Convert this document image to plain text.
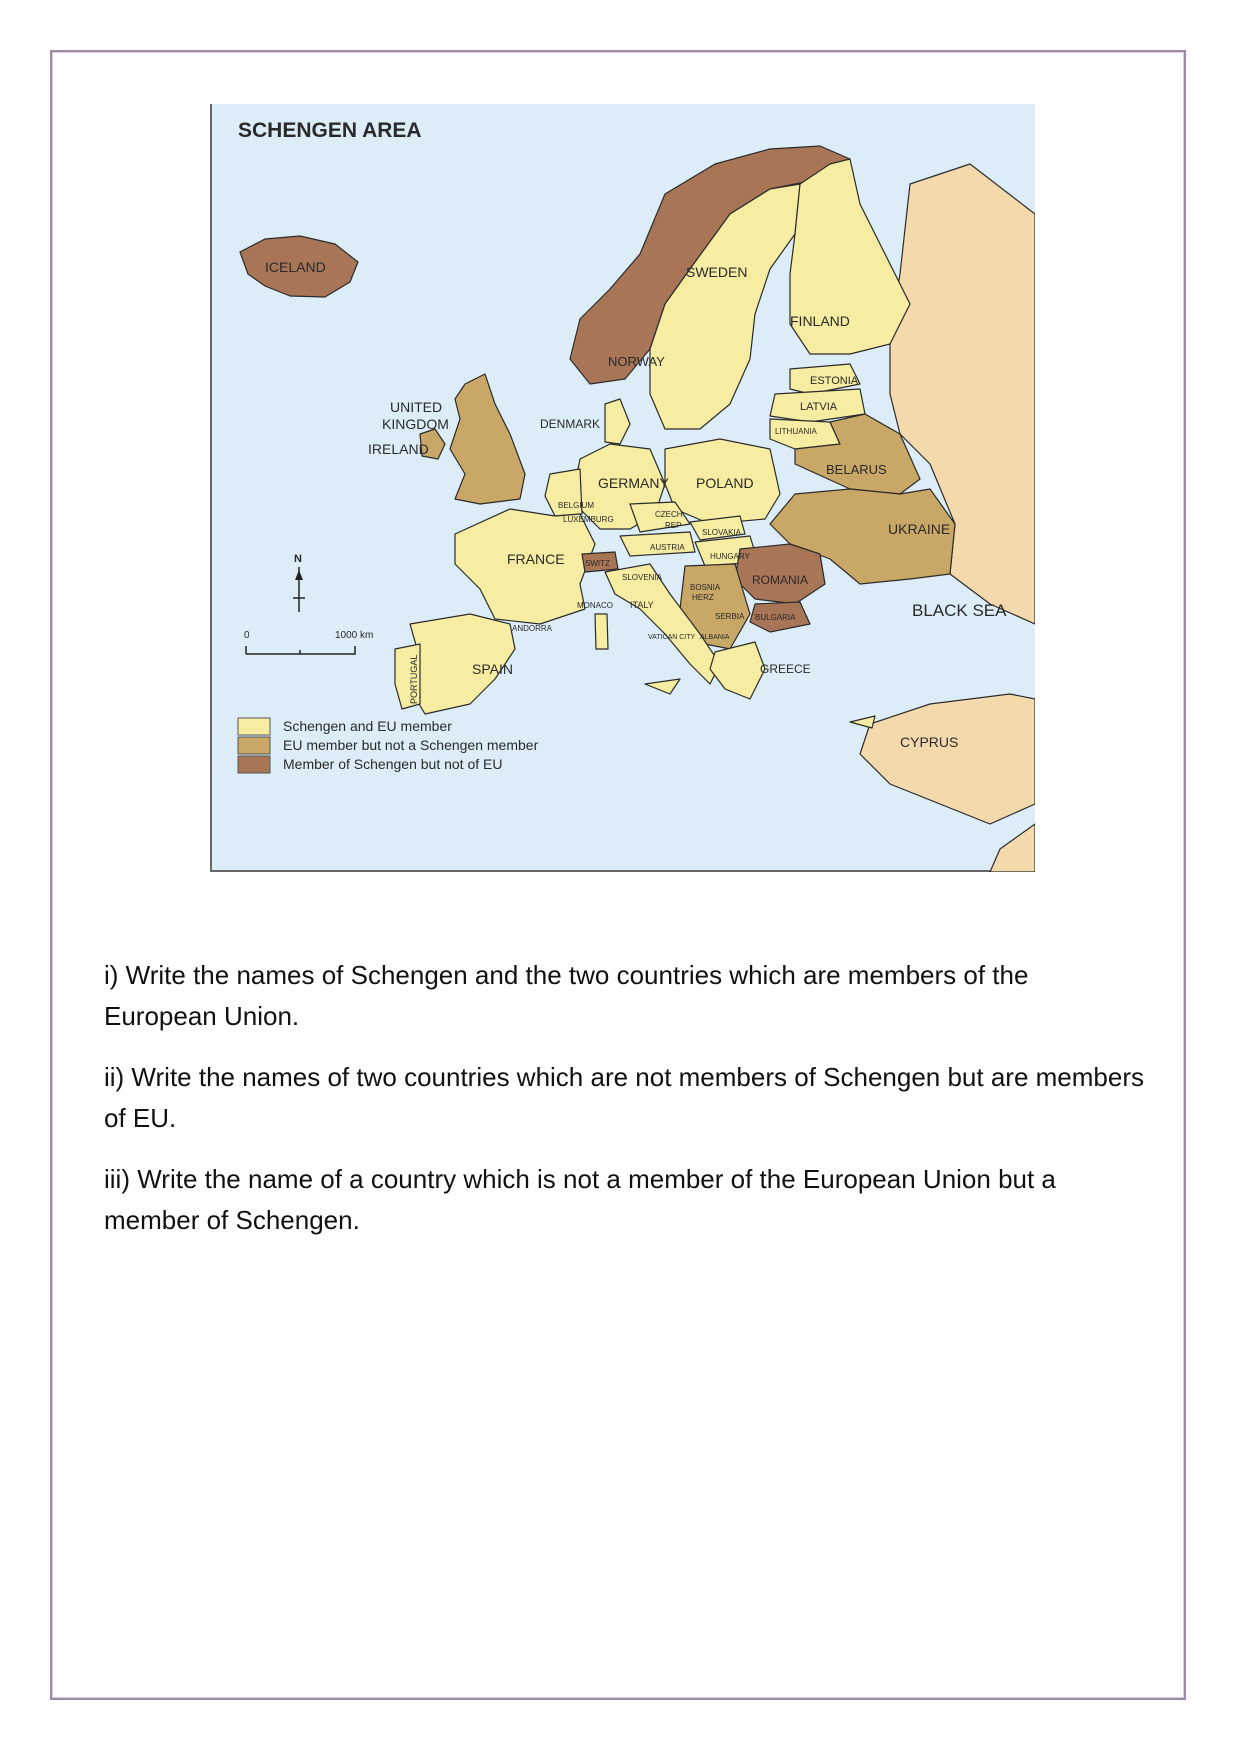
SCHENGEN AREA
ICELAND
NORWAY
SWEDEN
FINLAND
ESTONIA
LATVIA
LITHUANIA
UNITED
KINGDOM
IRELAND
DENMARK
GERMANY POLAND
BELARUS
BELGIUM
LUXEMBURG
CZECH
REP
SLOVAKIA	UKRAINE
FRANCE
AUSTRIA
HUNGARY
SWITZ
SLOVENIA	ROMANIA
BOSNIA
HERZ
SERBIA BULGARIA
MONACO ITALY	BLACK SEA
ANDORRA
VATICAN CITY ALBANIA
PORTUGAL	SPAIN	GREECE
CYPRUS
N
0	1000 km
Schengen and EU member
EU member but not a Schengen member
Member of Schengen but not of EU

i) Write the names of Schengen and the two countries which are members of the European Union.

ii) Write the names of two countries which are not members of Schengen but are members of EU.

iii) Write the name of a country which is not a member of the European Union but a member of Schengen.
